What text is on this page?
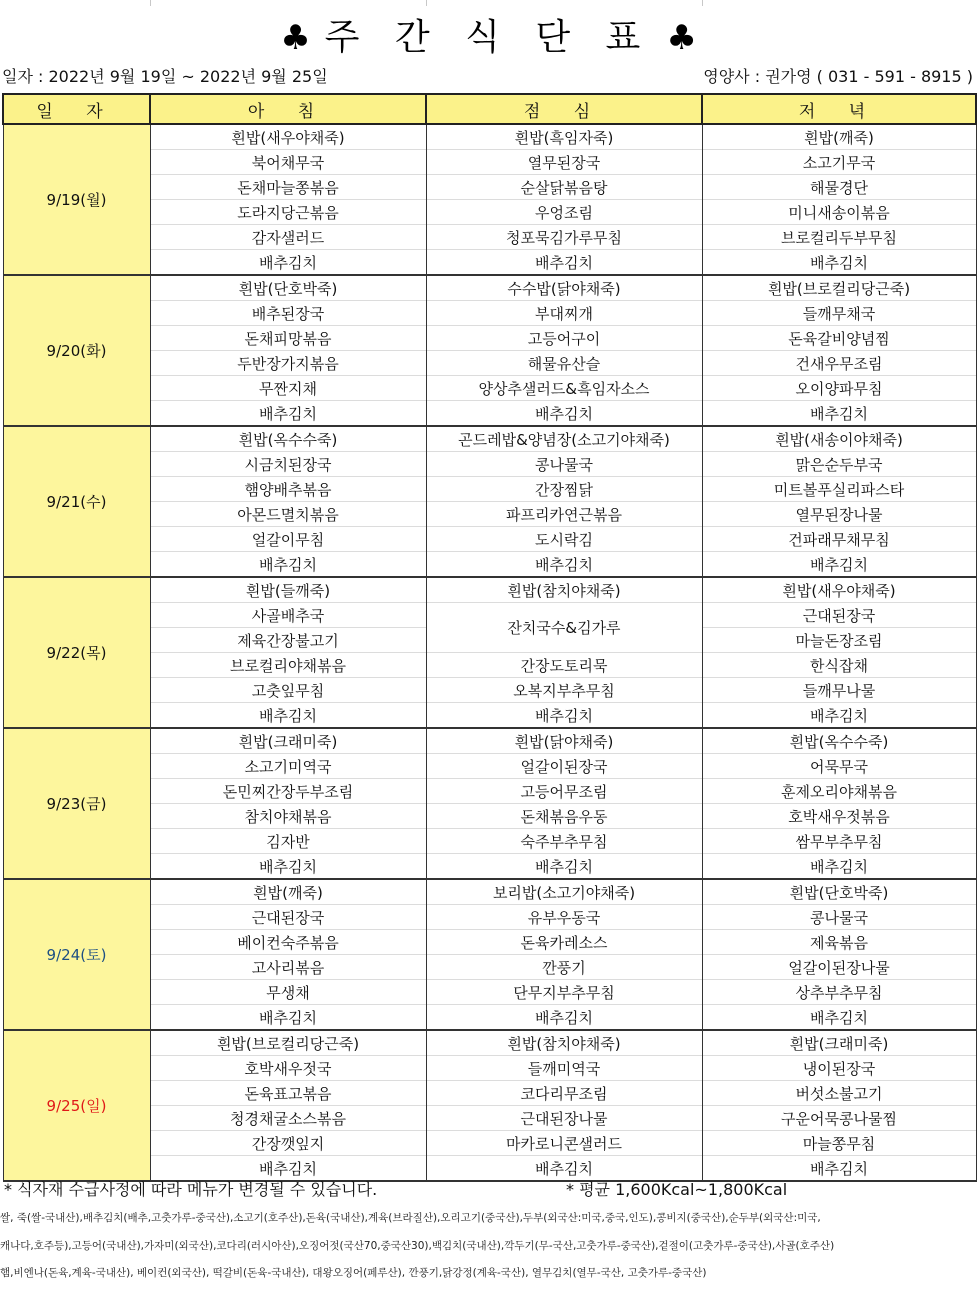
♣ 주 간 식 단 표 ♣
일자 : 2022년 9월 19일 ~ 2022년 9월 25일	영양사 : 권가영 ( 031 - 591 - 8915 )
일 자	아 침	점 심	저 녁
9/19(월)	흰밥(새우야채죽)	흰밥(흑임자죽)	흰밥(깨죽)
	북어채무국	열무된장국	소고기무국
	돈채마늘쫑볶음	순살닭볶음탕	해물경단
	도라지당근볶음	우엉조림	미니새송이볶음
	감자샐러드	청포묵김가루무침	브로컬리두부무침
	배추김치	배추김치	배추김치
9/20(화)	흰밥(단호박죽)	수수밥(닭야채죽)	흰밥(브로컬리당근죽)
	배추된장국	부대찌개	들깨무채국
	돈채피망볶음	고등어구이	돈육갈비양념찜
	두반장가지볶음	해물유산슬	건새우무조림
	무짠지채	양상추샐러드&흑임자소스	오이양파무침
	배추김치	배추김치	배추김치
9/21(수)	흰밥(옥수수죽)	곤드레밥&양념장(소고기야채죽)	흰밥(새송이야채죽)
	시금치된장국	콩나물국	맑은순두부국
	햄양배추볶음	간장찜닭	미트볼푸실리파스타
	아몬드멸치볶음	파프리카연근볶음	열무된장나물
	얼갈이무침	도시락김	건파래무채무침
	배추김치	배추김치	배추김치
9/22(목)	흰밥(들깨죽)	흰밥(참치야채죽)	흰밥(새우야채죽)
	사골배추국	잔치국수&김가루	근대된장국
	제육간장불고기		마늘돈장조림
	브로컬리야채볶음	간장도토리묵	한식잡채
	고춧잎무침	오복지부추무침	들깨무나물
	배추김치	배추김치	배추김치
9/23(금)	흰밥(크래미죽)	흰밥(닭야채죽)	흰밥(옥수수죽)
	소고기미역국	얼갈이된장국	어묵무국
	돈민찌간장두부조림	고등어무조림	훈제오리야채볶음
	참치야채볶음	돈채볶음우동	호박새우젓볶음
	김자반	숙주부추무침	쌈무부추무침
	배추김치	배추김치	배추김치
9/24(토)	흰밥(깨죽)	보리밥(소고기야채죽)	흰밥(단호박죽)
	근대된장국	유부우동국	콩나물국
	베이컨숙주볶음	돈육카레소스	제육볶음
	고사리볶음	깐풍기	얼갈이된장나물
	무생채	단무지부추무침	상추부추무침
	배추김치	배추김치	배추김치
9/25(일)	흰밥(브로컬리당근죽)	흰밥(참치야채죽)	흰밥(크래미죽)
	호박새우젓국	들깨미역국	냉이된장국
	돈육표고볶음	코다리무조림	버섯소불고기
	청경채굴소스볶음	근대된장나물	구운어묵콩나물찜
	간장깻잎지	마카로니콘샐러드	마늘쫑무침
	배추김치	배추김치	배추김치
* 식자재 수급사정에 따라 메뉴가 변경될 수 있습니다.	* 평균 1,600Kcal~1,800Kcal
쌀, 죽(쌀-국내산),배추김치(배추,고춧가루-중국산),소고기(호주산),돈육(국내산),계육(브라질산),오리고기(중국산),두부(외국산:미국,중국,인도),콩비지(중국산),순두부(외국산:미국,
캐나다,호주등),고등어(국내산),가자미(외국산),코다리(러시아산),오징어젓(국산70,중국산30),백김치(국내산),깍두기(무-국산,고춧가루-중국산),겉절이(고춧가루-중국산),사골(호주산)
햄,비엔나(돈육,계육-국내산), 베이컨(외국산), 떡갈비(돈육-국내산), 대왕오징어(페루산), 깐풍기,닭강정(계육-국산), 열무김치(열무-국산, 고춧가루-중국산)
